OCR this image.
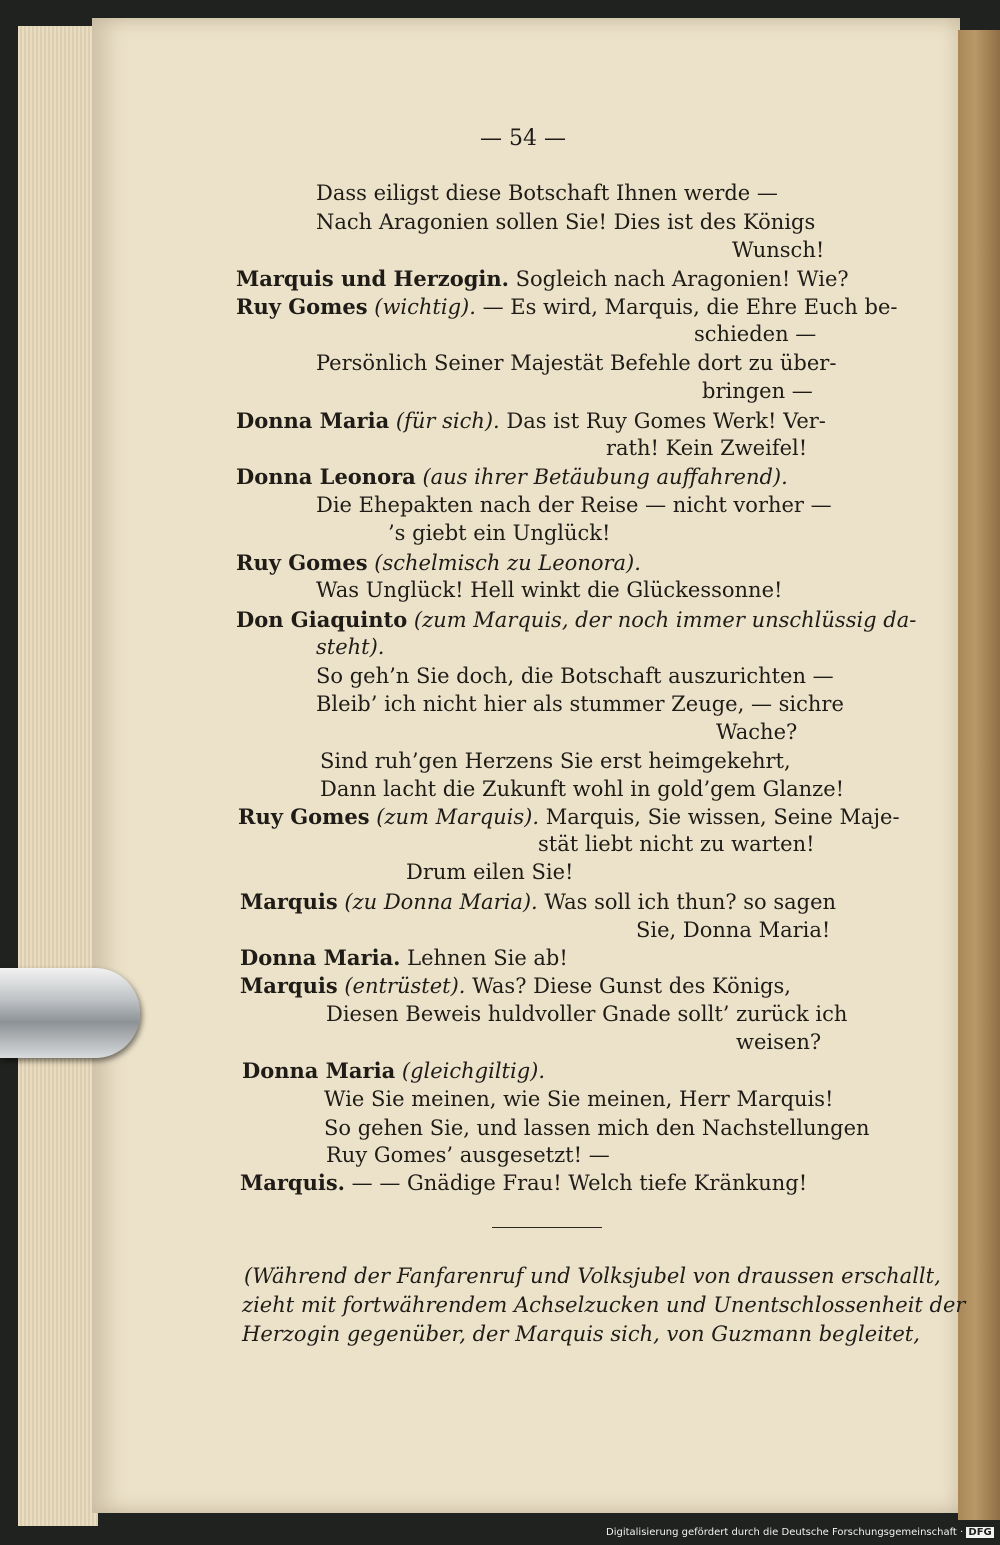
— 54 —
Dass eiligst diese Botschaft Ihnen werde —
Nach Aragonien sollen Sie! Dies ist des Königs
Wunsch!
Marquis und Herzogin. Sogleich nach Aragonien! Wie?
Ruy Gomes (wichtig). — Es wird, Marquis, die Ehre Euch be-
schieden —
Persönlich Seiner Majestät Befehle dort zu über-
bringen —
Donna Maria (für sich). Das ist Ruy Gomes Werk! Ver-
rath! Kein Zweifel!
Donna Leonora (aus ihrer Betäubung auffahrend).
Die Ehepakten nach der Reise — nicht vorher —
’s giebt ein Unglück!
Ruy Gomes (schelmisch zu Leonora).
Was Unglück! Hell winkt die Glückessonne!
Don Giaquinto (zum Marquis, der noch immer unschlüssig da-
steht).
So geh’n Sie doch, die Botschaft auszurichten —
Bleib’ ich nicht hier als stummer Zeuge, — sichre
Wache?
Sind ruh’gen Herzens Sie erst heimgekehrt,
Dann lacht die Zukunft wohl in gold’gem Glanze!
Ruy Gomes (zum Marquis). Marquis, Sie wissen, Seine Maje-
stät liebt nicht zu warten!
Drum eilen Sie!
Marquis (zu Donna Maria). Was soll ich thun? so sagen
Sie, Donna Maria!
Donna Maria. Lehnen Sie ab!
Marquis (entrüstet). Was? Diese Gunst des Königs,
Diesen Beweis huldvoller Gnade sollt’ zurück ich
weisen?
Donna Maria (gleichgiltig).
Wie Sie meinen, wie Sie meinen, Herr Marquis!
So gehen Sie, und lassen mich den Nachstellungen
Ruy Gomes’ ausgesetzt! —
Marquis. — — Gnädige Frau! Welch tiefe Kränkung!
(Während der Fanfarenruf und Volksjubel von draussen erschallt,
zieht mit fortwährendem Achselzucken und Unentschlossenheit der
Herzogin gegenüber, der Marquis sich, von Guzmann begleitet,
Digitalisierung gefördert durch die Deutsche Forschungsgemeinschaft · DFG
